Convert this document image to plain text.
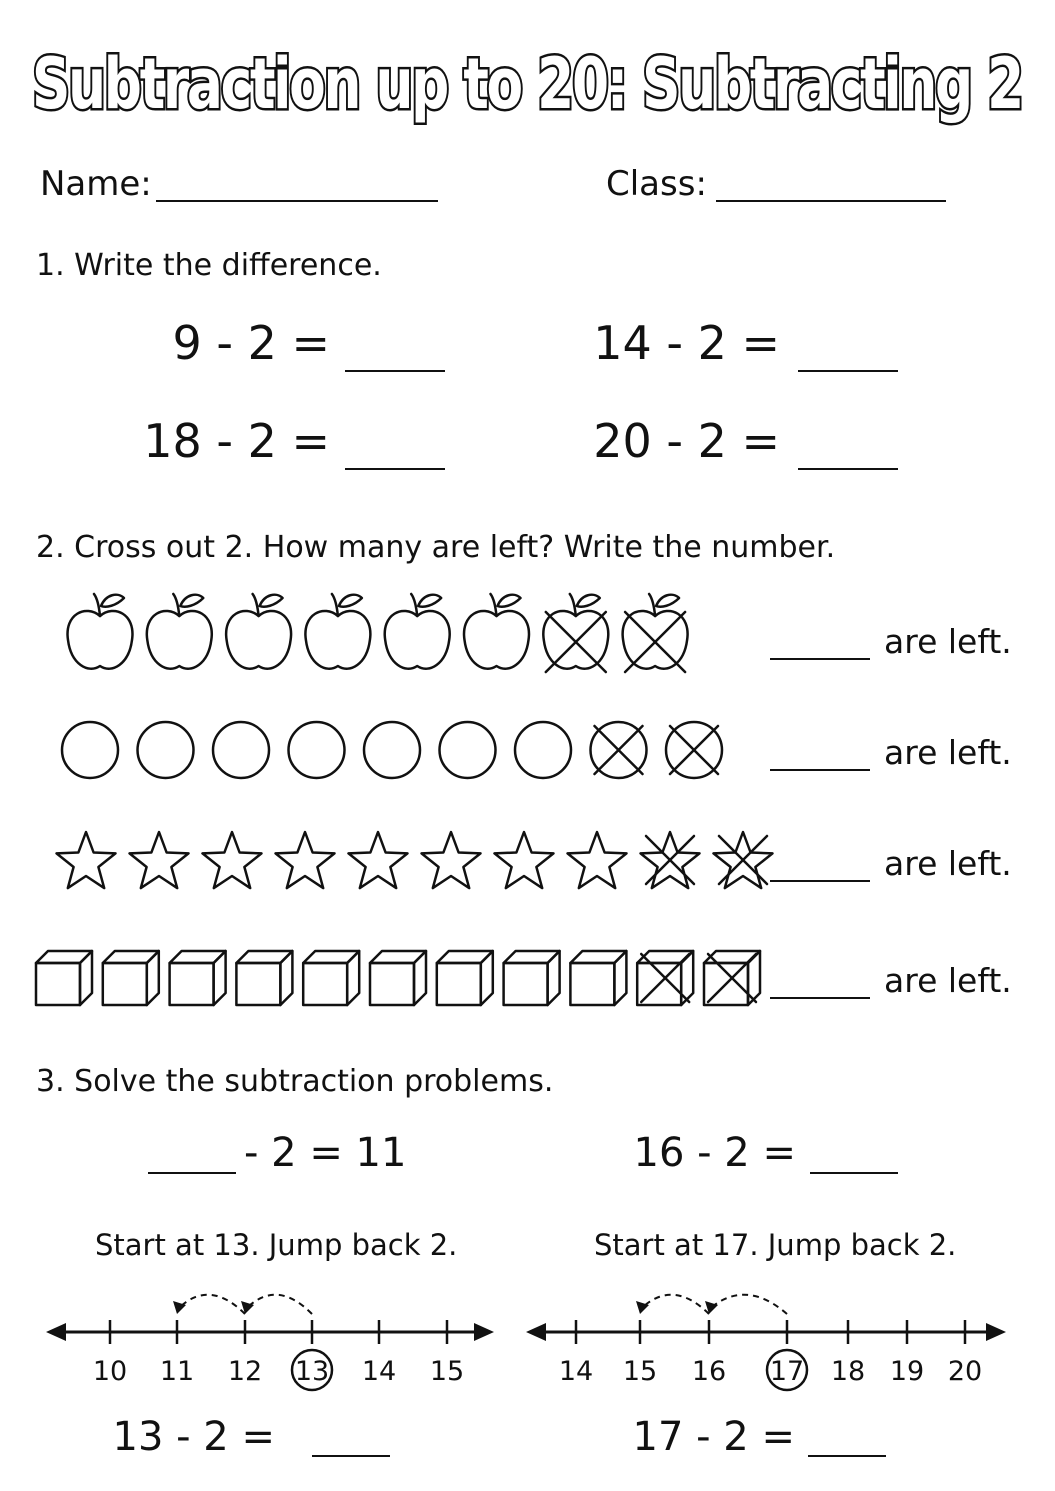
Subtraction up to 20: Subtracting 2
Name:	Class:
1. Write the difference.
9 - 2 =	14 - 2 =
18 - 2 =	20 - 2 =
2. Cross out 2. How many are left? Write the number.
are left.
are left.
are left.
are left.
3. Solve the subtraction problems.
- 2 = 11	16 - 2 =
Start at 13. Jump back 2.	Start at 17. Jump back 2.
10 11 12 13 14 15	14 15 16 17 18 19 20
13 - 2 =	17 - 2 =
